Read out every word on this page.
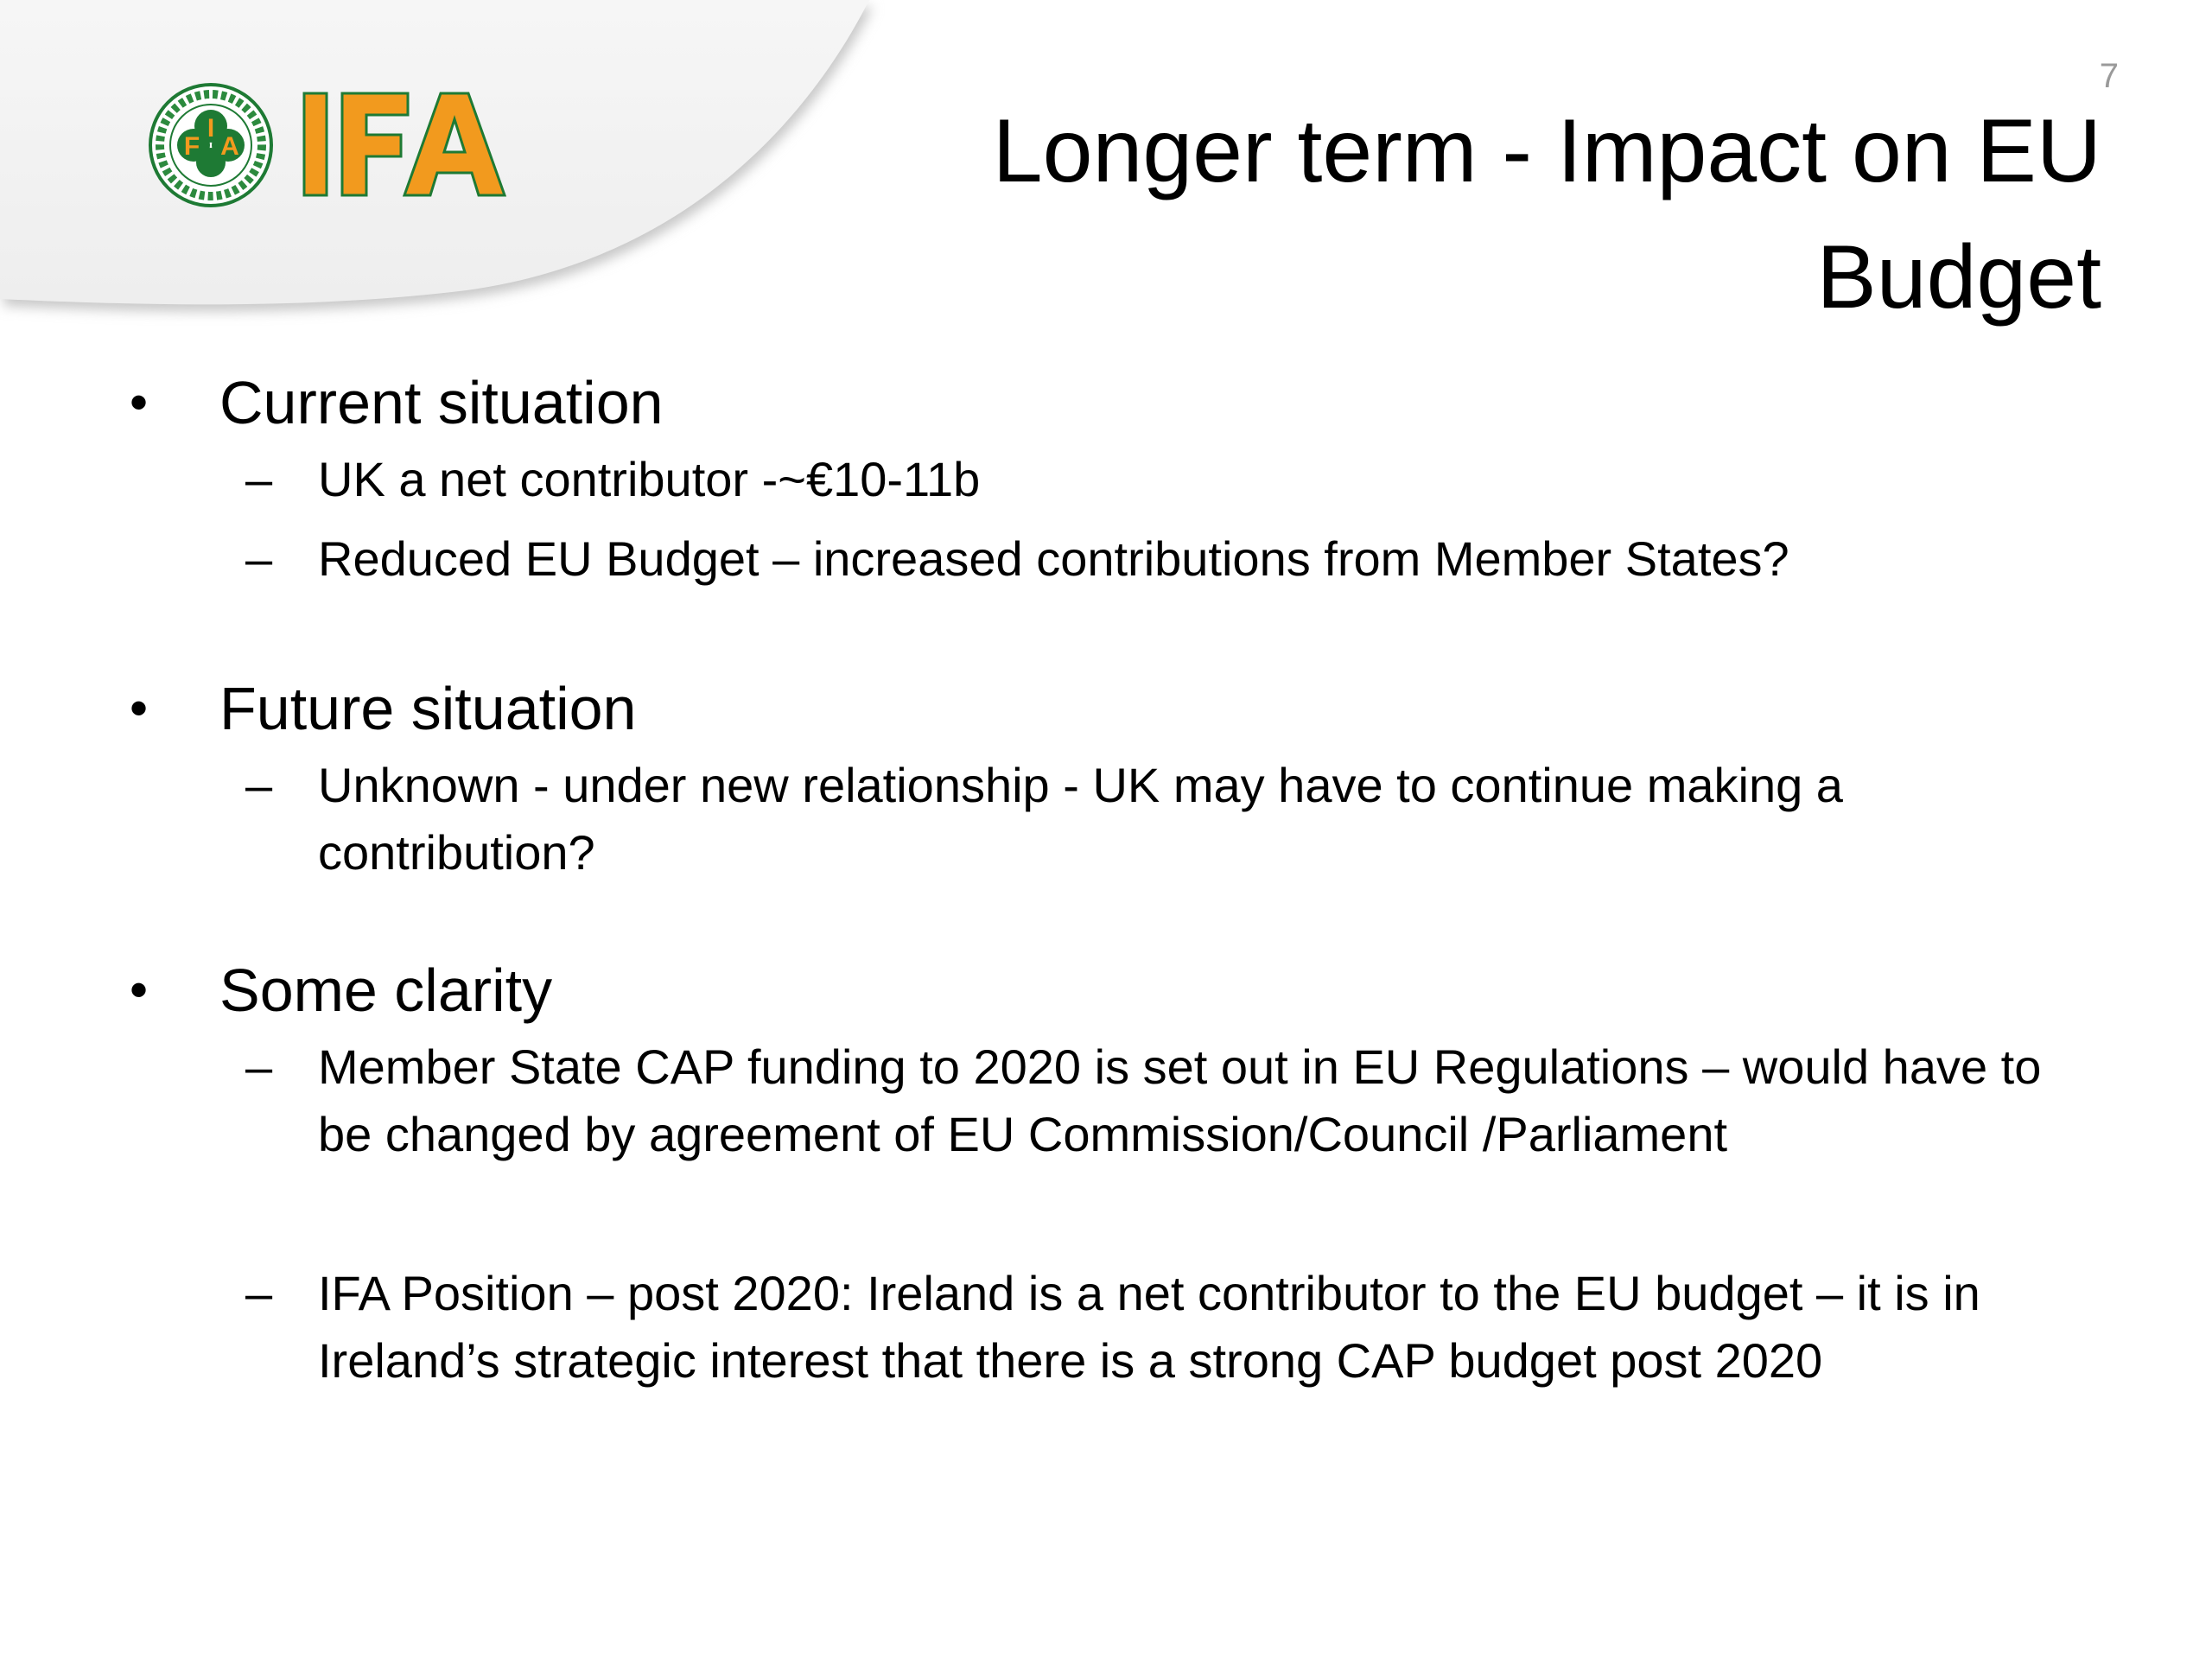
F
I
A
7
Longer term - Impact on EU Budget
•	Current situation
– UK a net contributor -~€10-11b
– Reduced EU Budget – increased contributions from Member States?
•	Future situation
– Unknown - under new relationship - UK may have to continue making a contribution?
•	Some clarity
– Member State CAP funding to 2020 is set out in EU Regulations – would have to be changed by agreement of EU Commission/Council /Parliament
– IFA Position – post 2020: Ireland is a net contributor to the EU budget – it is in Ireland’s strategic interest that there is a strong CAP budget post 2020
